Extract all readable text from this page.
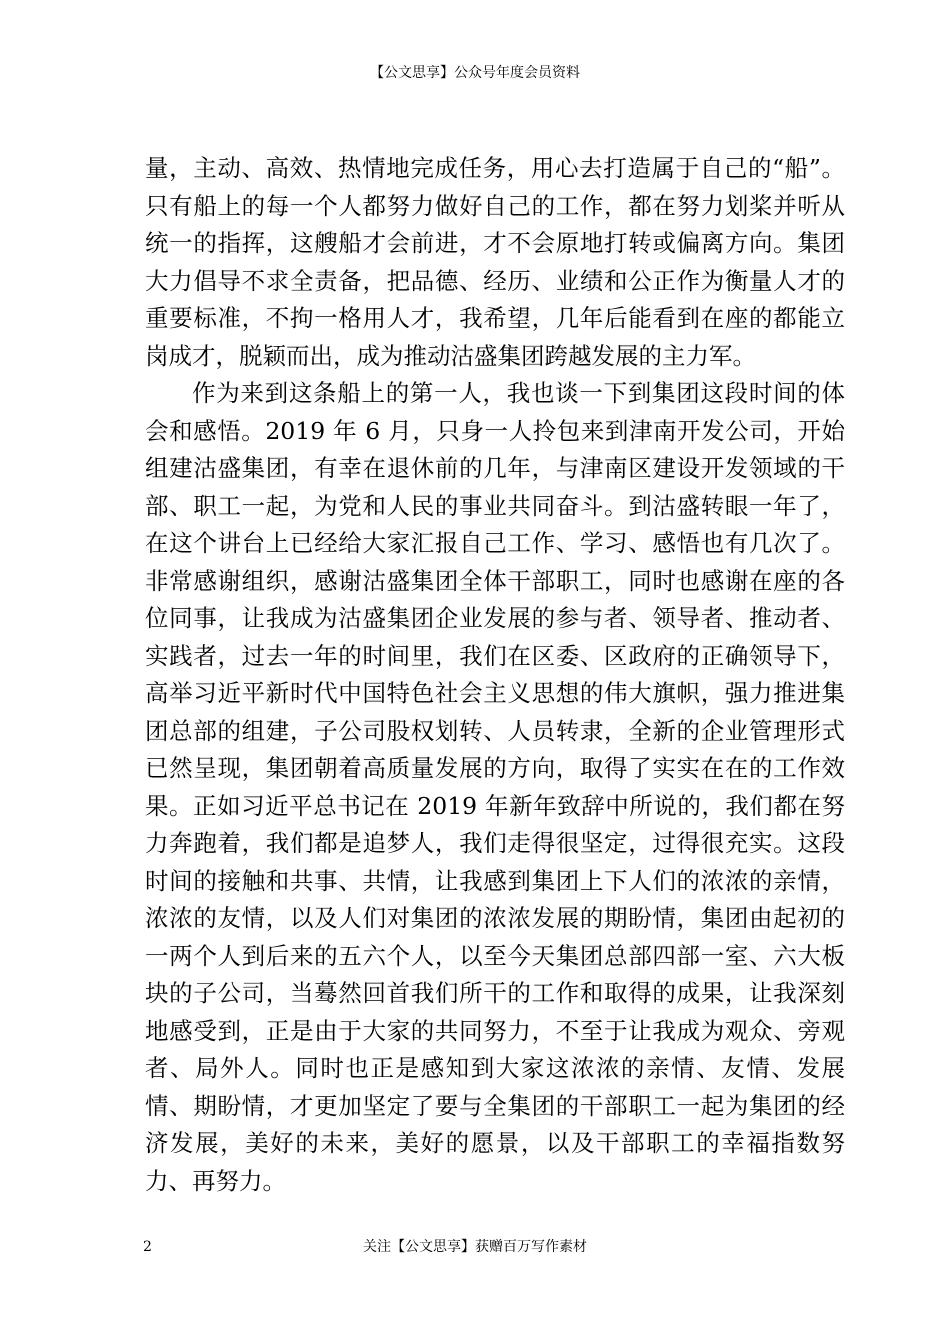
【公文思享】公众号年度会员资料

量，主动、高效、热情地完成任务，用心去打造属于自己的“船”。只有船上的每一个人都努力做好自己的工作，都在努力划桨并听从统一的指挥，这艘船才会前进，才不会原地打转或偏离方向。集团大力倡导不求全责备，把品德、经历、业绩和公正作为衡量人才的重要标准，不拘一格用人才，我希望，几年后能看到在座的都能立岗成才，脱颖而出，成为推动沽盛集团跨越发展的主力军。

作为来到这条船上的第一人，我也谈一下到集团这段时间的体会和感悟。2019 年 6 月，只身一人拎包来到津南开发公司，开始组建沽盛集团，有幸在退休前的几年，与津南区建设开发领域的干部、职工一起，为党和人民的事业共同奋斗。到沽盛转眼一年了，在这个讲台上已经给大家汇报自己工作、学习、感悟也有几次了。非常感谢组织，感谢沽盛集团全体干部职工，同时也感谢在座的各位同事，让我成为沽盛集团企业发展的参与者、领导者、推动者、实践者，过去一年的时间里，我们在区委、区政府的正确领导下，高举习近平新时代中国特色社会主义思想的伟大旗帜，强力推进集团总部的组建，子公司股权划转、人员转隶，全新的企业管理形式已然呈现，集团朝着高质量发展的方向，取得了实实在在的工作效果。正如习近平总书记在 2019 年新年致辞中所说的，我们都在努力奔跑着，我们都是追梦人，我们走得很坚定，过得很充实。这段时间的接触和共事、共情，让我感到集团上下人们的浓浓的亲情，浓浓的友情，以及人们对集团的浓浓发展的期盼情，集团由起初的一两个人到后来的五六个人，以至今天集团总部四部一室、六大板块的子公司，当蓦然回首我们所干的工作和取得的成果，让我深刻地感受到，正是由于大家的共同努力，不至于让我成为观众、旁观者、局外人。同时也正是感知到大家这浓浓的亲情、友情、发展情、期盼情，才更加坚定了要与全集团的干部职工一起为集团的经济发展，美好的未来，美好的愿景，以及干部职工的幸福指数努力、再努力。

2	关注【公文思享】获赠百万写作素材
